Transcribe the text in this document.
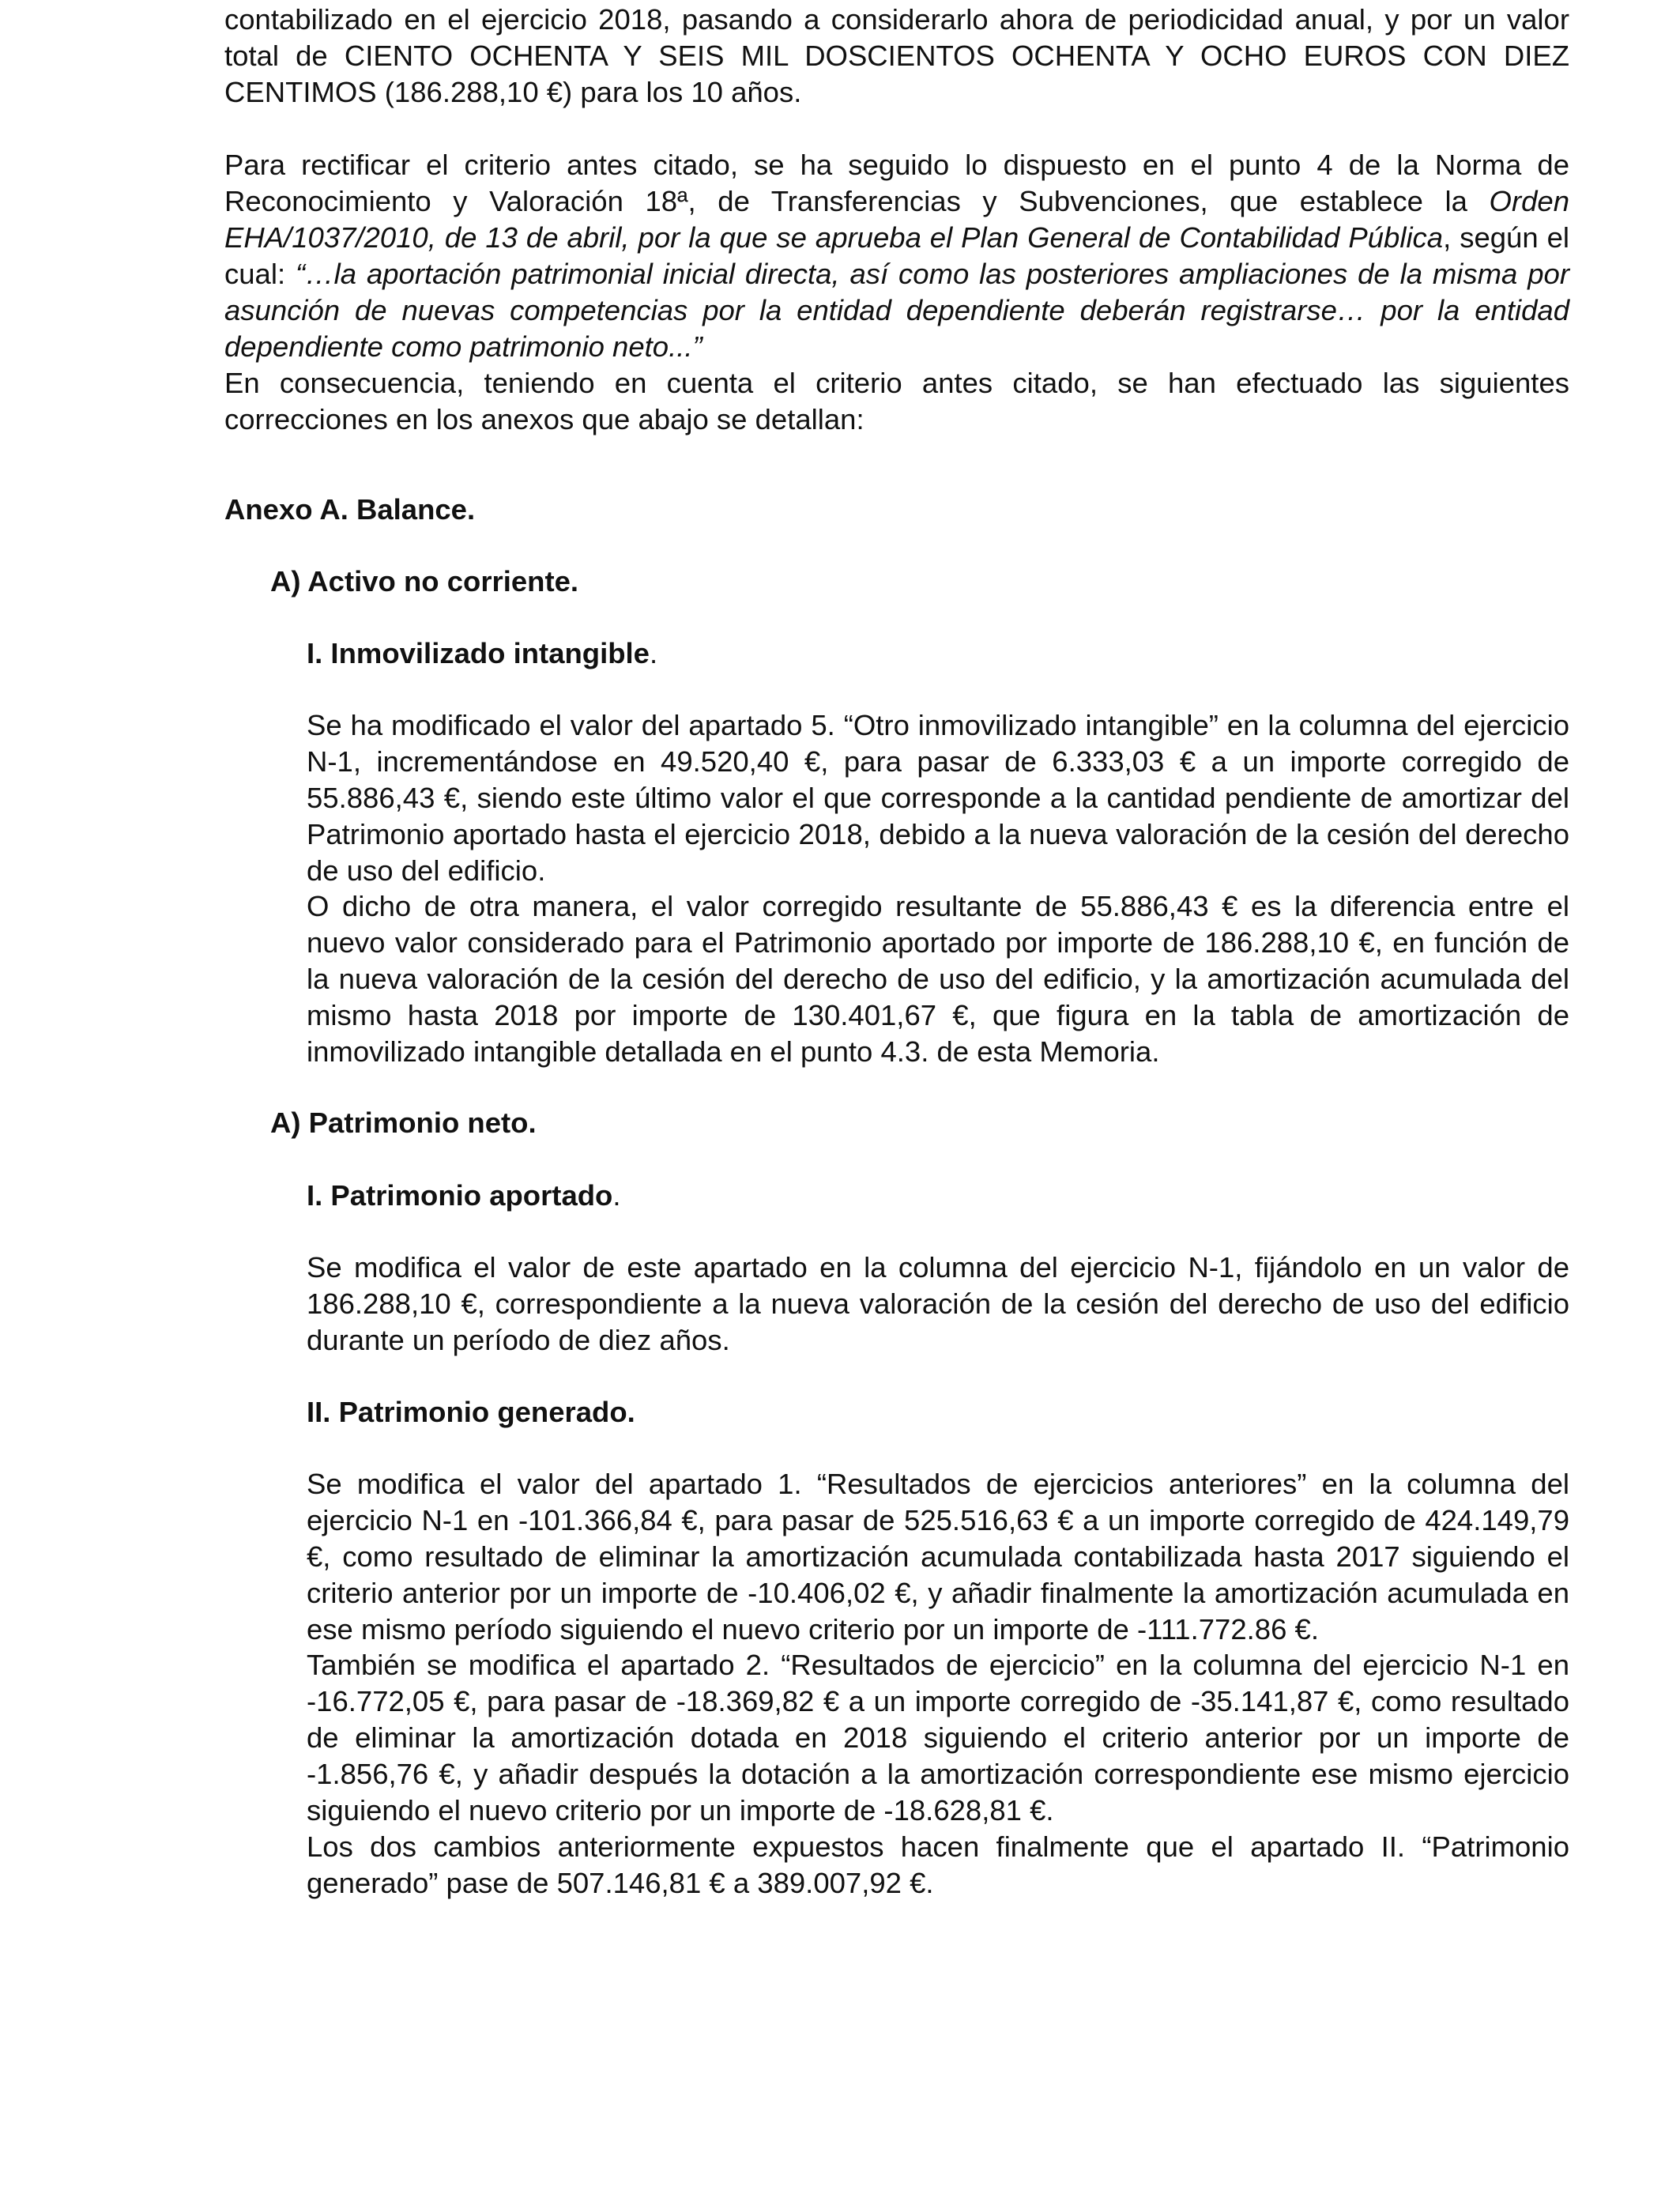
contabilizado en el ejercicio 2018, pasando a considerarlo ahora de periodicidad anual, y por un valor total de CIENTO OCHENTA Y SEIS MIL DOSCIENTOS OCHENTA Y OCHO EUROS CON DIEZ CENTIMOS (186.288,10 €) para los 10 años.

Para rectificar el criterio antes citado, se ha seguido lo dispuesto en el punto 4 de la Norma de Reconocimiento y Valoración 18ª, de Transferencias y Subvenciones, que establece la Orden EHA/1037/2010, de 13 de abril, por la que se aprueba el Plan General de Contabilidad Pública, según el cual: “…la aportación patrimonial inicial directa, así como las posteriores ampliaciones de la misma por asunción de nuevas competencias por la entidad dependiente deberán registrarse… por la entidad dependiente como patrimonio neto...”

En consecuencia, teniendo en cuenta el criterio antes citado, se han efectuado las siguientes correcciones en los anexos que abajo se detallan:

Anexo A. Balance.

A) Activo no corriente.

I. Inmovilizado intangible.

Se ha modificado el valor del apartado 5. “Otro inmovilizado intangible” en la columna del ejercicio N-1, incrementándose en 49.520,40 €, para pasar de 6.333,03 € a un importe corregido de 55.886,43 €, siendo este último valor el que corresponde a la cantidad pendiente de amortizar del Patrimonio aportado hasta el ejercicio 2018, debido a la nueva valoración de la cesión del derecho de uso del edificio.

O dicho de otra manera, el valor corregido resultante de 55.886,43 € es la diferencia entre el nuevo valor considerado para el Patrimonio aportado por importe de 186.288,10 €, en función de la nueva valoración de la cesión del derecho de uso del edificio, y la amortización acumulada del mismo hasta 2018 por importe de 130.401,67 €, que figura en la tabla de amortización de inmovilizado intangible detallada en el punto 4.3. de esta Memoria.

A) Patrimonio neto.

I. Patrimonio aportado.

Se modifica el valor de este apartado en la columna del ejercicio N-1, fijándolo en un valor de 186.288,10 €, correspondiente a la nueva valoración de la cesión del derecho de uso del edificio durante un período de diez años.

II. Patrimonio generado.

Se modifica el valor del apartado 1. “Resultados de ejercicios anteriores” en la columna del ejercicio N-1 en -101.366,84 €, para pasar de 525.516,63 € a un importe corregido de 424.149,79 €, como resultado de eliminar la amortización acumulada contabilizada hasta 2017 siguiendo el criterio anterior por un importe de -10.406,02 €, y añadir finalmente la amortización acumulada en ese mismo período siguiendo el nuevo criterio por un importe de -111.772.86 €.

También se modifica el apartado 2. “Resultados de ejercicio” en la columna del ejercicio N-1 en -16.772,05 €, para pasar de -18.369,82 € a un importe corregido de -35.141,87 €, como resultado de eliminar la amortización dotada en 2018 siguiendo el criterio anterior por un importe de -1.856,76 €, y añadir después la dotación a la amortización correspondiente ese mismo ejercicio siguiendo el nuevo criterio por un importe de -18.628,81 €.

Los dos cambios anteriormente expuestos hacen finalmente que el apartado II. “Patrimonio generado” pase de 507.146,81 € a 389.007,92 €.
